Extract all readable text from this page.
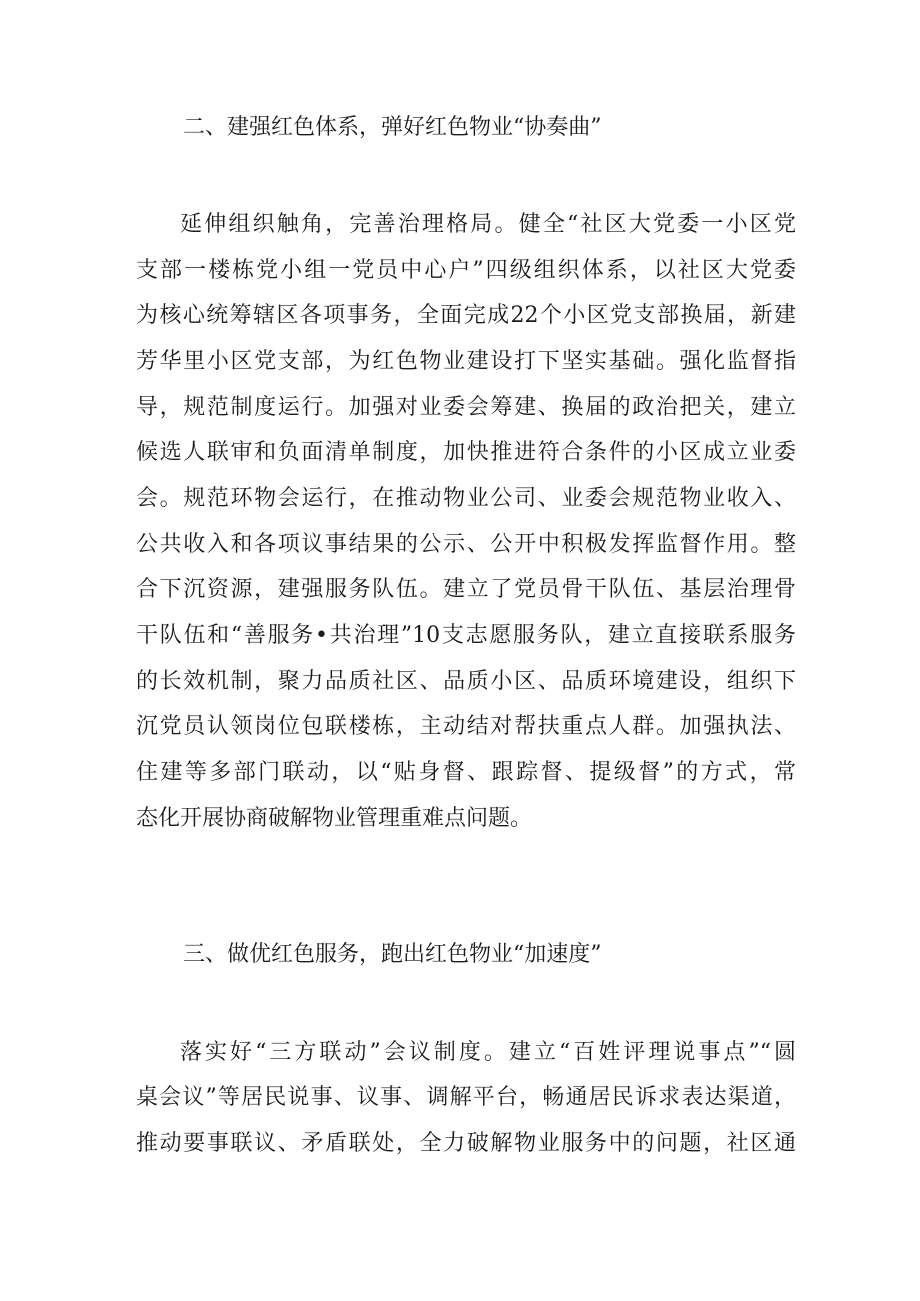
二、建强红色体系，弹好红色物业“协奏曲”
延伸组织触角，完善治理格局。健全“社区大党委一小区党
支部一楼栋党小组一党员中心户”四级组织体系，以社区大党委
为核心统筹辖区各项事务，全面完成22个小区党支部换届，新建
芳华里小区党支部，为红色物业建设打下坚实基础。强化监督指
导，规范制度运行。加强对业委会筹建、换届的政治把关，建立
候选人联审和负面清单制度，加快推进符合条件的小区成立业委
会。规范环物会运行，在推动物业公司、业委会规范物业收入、
公共收入和各项议事结果的公示、公开中积极发挥监督作用。整
合下沉资源，建强服务队伍。建立了党员骨干队伍、基层治理骨
干队伍和“善服务•共治理”10支志愿服务队，建立直接联系服务
的长效机制，聚力品质社区、品质小区、品质环境建设，组织下
沉党员认领岗位包联楼栋，主动结对帮扶重点人群。加强执法、
住建等多部门联动，以“贴身督、跟踪督、提级督”的方式，常
态化开展协商破解物业管理重难点问题。
三、做优红色服务，跑出红色物业“加速度”
落实好“三方联动”会议制度。建立“百姓评理说事点”“圆
桌会议”等居民说事、议事、调解平台，畅通居民诉求表达渠道，
推动要事联议、矛盾联处，全力破解物业服务中的问题，社区通
